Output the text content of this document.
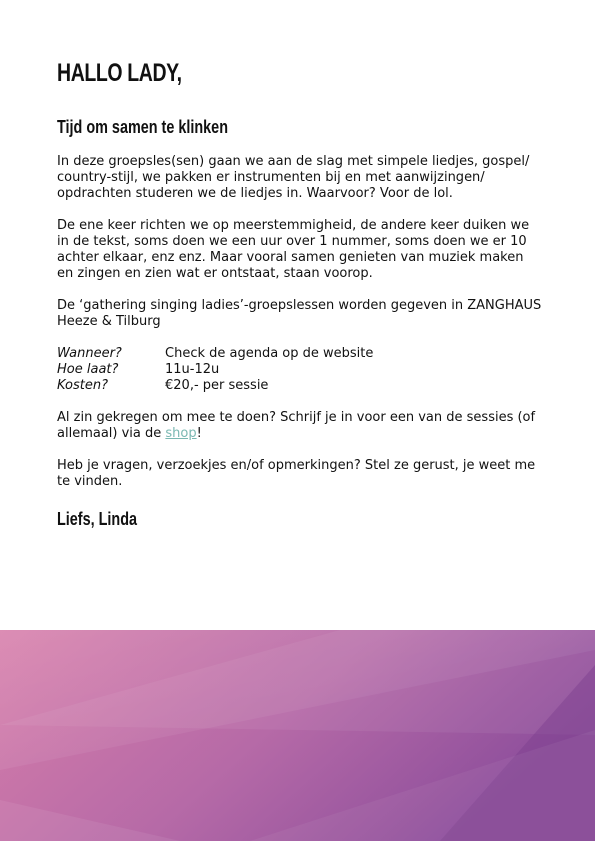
HALLO LADY,
Tijd om samen te klinken

In deze groepsles(sen) gaan we aan de slag met simpele liedjes, gospel/ country-stijl, we pakken er instrumenten bij en met aanwijzingen/ opdrachten studeren we de liedjes in. Waarvoor? Voor de lol.

De ene keer richten we op meerstemmigheid, de andere keer duiken we in de tekst, soms doen we een uur over 1 nummer, soms doen we er 10 achter elkaar, enz enz. Maar vooral samen genieten van muziek maken en zingen en zien wat er ontstaat, staan voorop.

De ‘gathering singing ladies’-groepslessen worden gegeven in ZANGHAUS Heeze & Tilburg

Wanneer?	Check de agenda op de website
Hoe laat?	11u-12u
Kosten?	€20,- per sessie

Al zin gekregen om mee te doen? Schrijf je in voor een van de sessies (of allemaal) via de shop!

Heb je vragen, verzoekjes en/of opmerkingen? Stel ze gerust, je weet me te vinden.

Liefs, Linda
